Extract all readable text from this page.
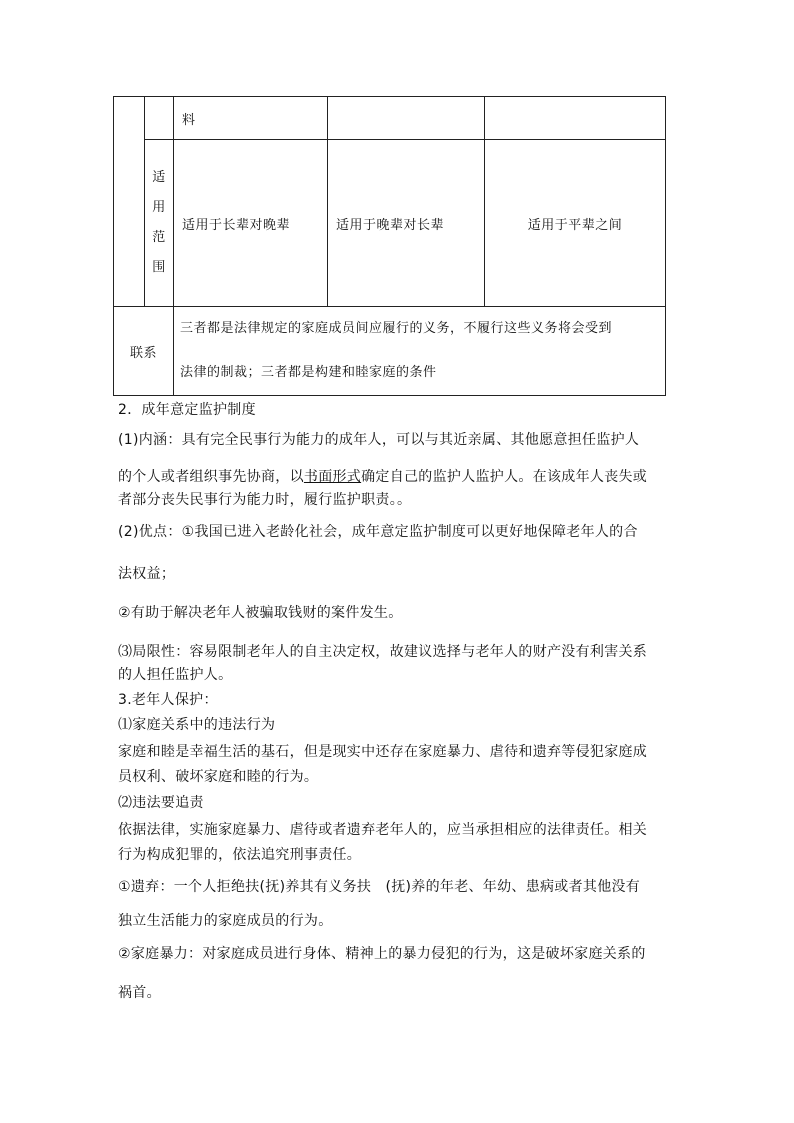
		料		

	适
用
范
围	适用于长辈对晚辈	适用于晚辈对长辈	适用于平辈之间
联系		三者都是法律规定的家庭成员间应履行的义务，不履行这些义务将会受到
法律的制裁；三者都是构建和睦家庭的条件		
2．成年意定监护制度
(1)内涵：具有完全民事行为能力的成年人，可以与其近亲属、其他愿意担任监护人
的个人或者组织事先协商，以书面形式确定自己的监护人监护人。在该成年人丧失或
者部分丧失民事行为能力时，履行监护职责。。
(2)优点：①我国已进入老龄化社会，成年意定监护制度可以更好地保障老年人的合
法权益；
②有助于解决老年人被骗取钱财的案件发生。
⑶局限性：容易限制老年人的自主决定权，故建议选择与老年人的财产没有利害关系
的人担任监护人。
3.老年人保护：
⑴家庭关系中的违法行为
家庭和睦是幸福生活的基石，但是现实中还存在家庭暴力、虐待和遗弃等侵犯家庭成
员权利、破坏家庭和睦的行为。
⑵违法要追责
依据法律，实施家庭暴力、虐待或者遗弃老年人的，应当承担相应的法律责任。相关
行为构成犯罪的，依法追究刑事责任。
①遗弃：一个人拒绝扶(抚)养其有义务扶　(抚)养的年老、年幼、患病或者其他没有
独立生活能力的家庭成员的行为。
②家庭暴力：对家庭成员进行身体、精神上的暴力侵犯的行为，这是破坏家庭关系的
祸首。
